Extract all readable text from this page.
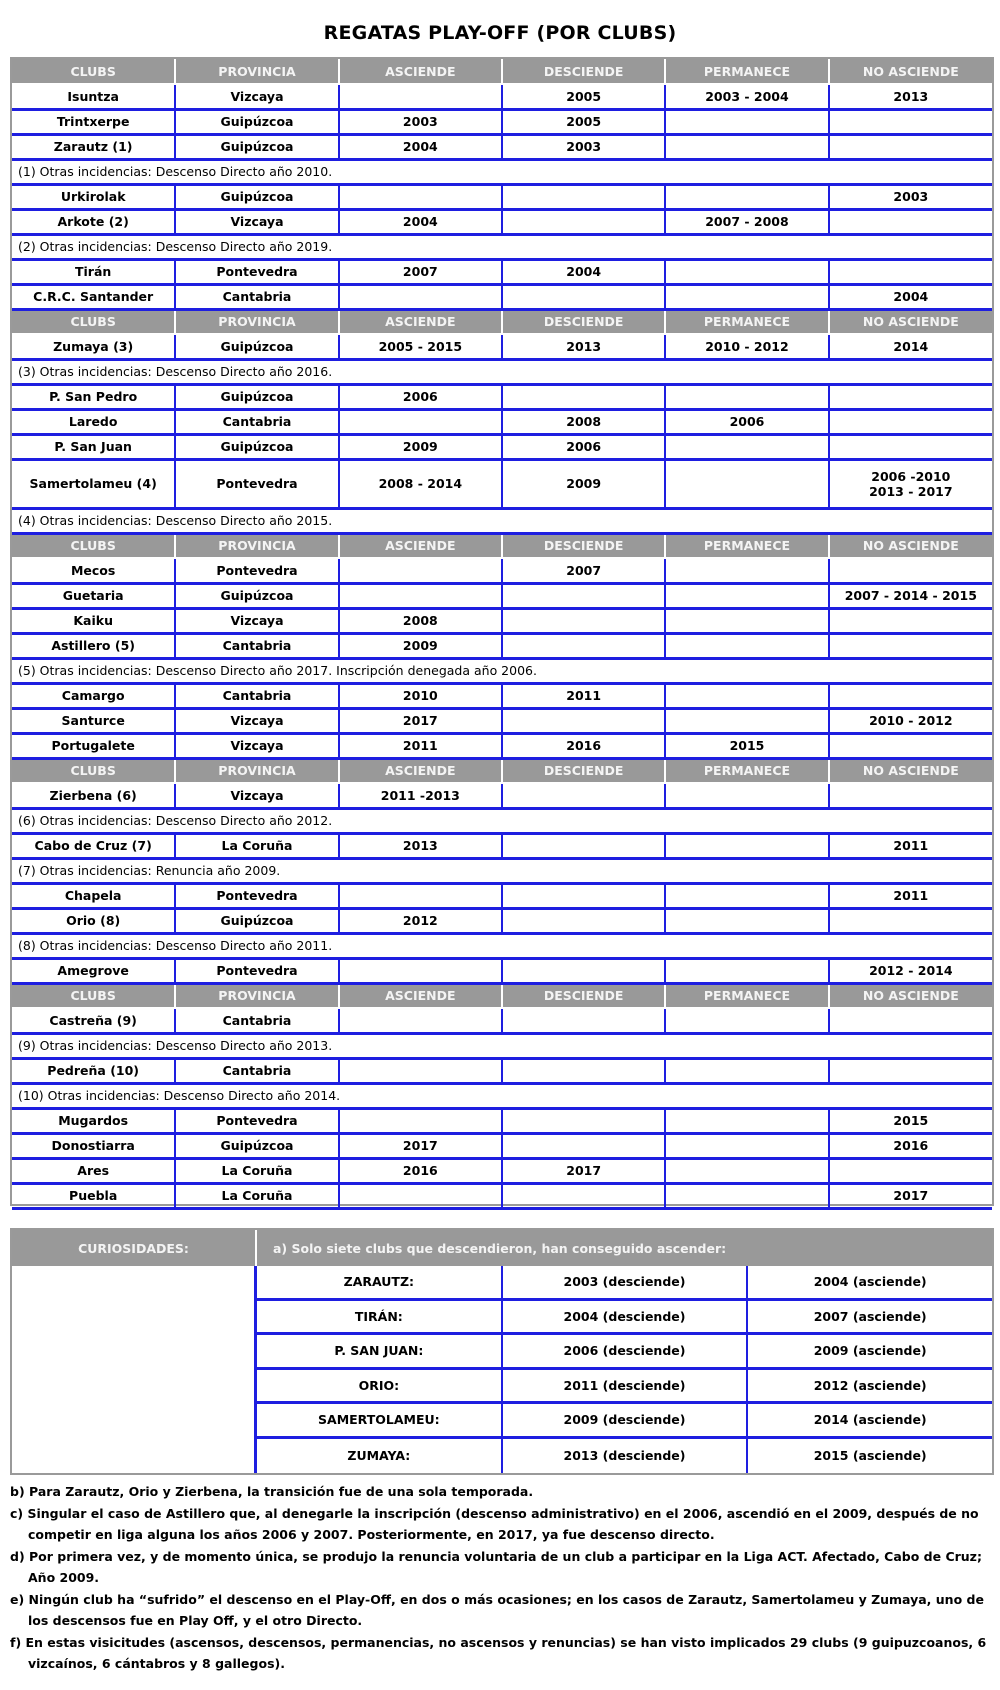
REGATAS PLAY-OFF (POR CLUBS)
CLUBS	PROVINCIA	ASCIENDE	DESCIENDE	PERMANECE	NO ASCIENDE
Isuntza	Vizcaya		2005	2003 - 2004	2013
Trintxerpe	Guipúzcoa	2003	2005		
Zarautz (1)	Guipúzcoa	2004	2003		
(1) Otras incidencias: Descenso Directo año 2010.					
Urkirolak	Guipúzcoa				2003
Arkote (2)	Vizcaya	2004		2007 - 2008	
(2) Otras incidencias: Descenso Directo año 2019.					
Tirán	Pontevedra	2007	2004		
C.R.C. Santander	Cantabria				2004
CLUBS	PROVINCIA	ASCIENDE	DESCIENDE	PERMANECE	NO ASCIENDE
Zumaya (3)	Guipúzcoa	2005 - 2015	2013	2010 - 2012	2014
(3) Otras incidencias: Descenso Directo año 2016.					
P. San Pedro	Guipúzcoa	2006			
Laredo	Cantabria		2008	2006	
P. San Juan	Guipúzcoa	2009	2006		
Samertolameu (4)	Pontevedra	2008 - 2014	2009		2006 -2010
2013 - 2017

(4) Otras incidencias: Descenso Directo año 2015.					
CLUBS	PROVINCIA	ASCIENDE	DESCIENDE	PERMANECE	NO ASCIENDE
Mecos	Pontevedra		2007		
Guetaria	Guipúzcoa				2007 - 2014 - 2015
Kaiku	Vizcaya	2008			
Astillero (5)	Cantabria	2009			
(5) Otras incidencias: Descenso Directo año 2017. Inscripción denegada año 2006.					
Camargo	Cantabria	2010	2011		
Santurce	Vizcaya	2017			2010 - 2012
Portugalete	Vizcaya	2011	2016	2015	
CLUBS	PROVINCIA	ASCIENDE	DESCIENDE	PERMANECE	NO ASCIENDE
Zierbena (6)	Vizcaya	2011 -2013			
(6) Otras incidencias: Descenso Directo año 2012.					
Cabo de Cruz (7)	La Coruña	2013			2011
(7) Otras incidencias: Renuncia año 2009.					
Chapela	Pontevedra				2011
Orio (8)	Guipúzcoa	2012			
(8) Otras incidencias: Descenso Directo año 2011.					
Amegrove	Pontevedra				2012 - 2014
CLUBS	PROVINCIA	ASCIENDE	DESCIENDE	PERMANECE	NO ASCIENDE
Castreña (9)	Cantabria				
(9) Otras incidencias: Descenso Directo año 2013.					
Pedreña (10)	Cantabria				
(10) Otras incidencias: Descenso Directo año 2014.					
Mugardos	Pontevedra				2015
Donostiarra	Guipúzcoa	2017			2016
Ares	La Coruña	2016	2017		
Puebla	La Coruña				2017
CURIOSIDADES:	a) Solo siete clubs que descendieron, han conseguido ascender:
ZARAUTZ:	2003 (desciende)	2004 (asciende)
TIRÁN:	2004 (desciende)	2007 (asciende)
P. SAN JUAN:	2006 (desciende)	2009 (asciende)
ORIO:	2011 (desciende)	2012 (asciende)
SAMERTOLAMEU:	2009 (desciende)	2014 (asciende)
ZUMAYA:	2013 (desciende)	2015 (asciende)

b) Para Zarautz, Orio y Zierbena, la transición fue de una sola temporada.

c) Singular el caso de Astillero que, al denegarle la inscripción (descenso administrativo) en el 2006, ascendió en el 2009, después de no competir en liga alguna los años 2006 y 2007. Posteriormente, en 2017, ya fue descenso directo.

d) Por primera vez, y de momento única, se produjo la renuncia voluntaria de un club a participar en la Liga ACT. Afectado, Cabo de Cruz; Año 2009.

e) Ningún club ha “sufrido” el descenso en el Play-Off, en dos o más ocasiones; en los casos de Zarautz, Samertolameu y Zumaya, uno de los descensos fue en Play Off, y el otro Directo.

f) En estas visicitudes (ascensos, descensos, permanencias, no ascensos y renuncias) se han visto implicados 29 clubs (9 guipuzcoanos, 6 vizcaínos, 6 cántabros y 8 gallegos).
